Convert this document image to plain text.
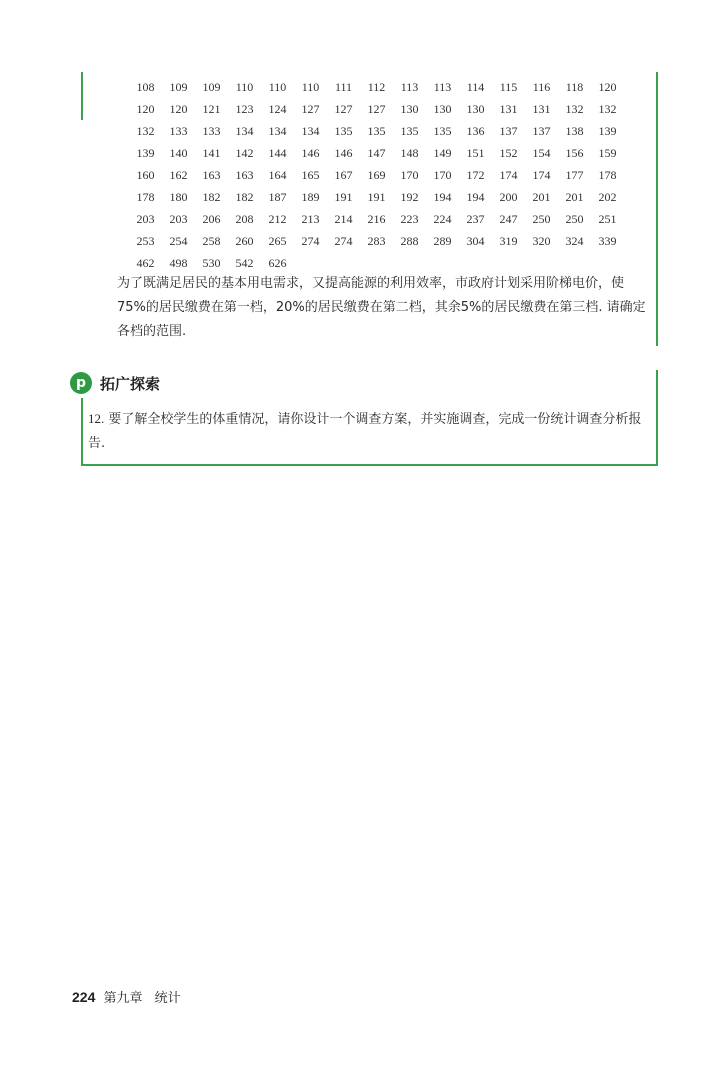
108	109	109	110	110	110	111	112	113	113	114	115	116	118	120
120	120	121	123	124	127	127	127	130	130	130	131	131	132	132
132	133	133	134	134	134	135	135	135	135	136	137	137	138	139
139	140	141	142	144	146	146	147	148	149	151	152	154	156	159
160	162	163	163	164	165	167	169	170	170	172	174	174	177	178
178	180	182	182	187	189	191	191	192	194	194	200	201	201	202
203	203	206	208	212	213	214	216	223	224	237	247	250	250	251
253	254	258	260	265	274	274	283	288	289	304	319	320	324	339
462	498	530	542	626
为了既满足居民的基本用电需求，又提高能源的利用效率，市政府计划采用阶梯电价，使75%的居民缴费在第一档，20%的居民缴费在第二档，其余5%的居民缴费在第三档. 请确定各档的范围.
p 拓广探索
12. 要了解全校学生的体重情况，请你设计一个调查方案，并实施调查，完成一份统计调查分析报告.
224 第九章 统计
